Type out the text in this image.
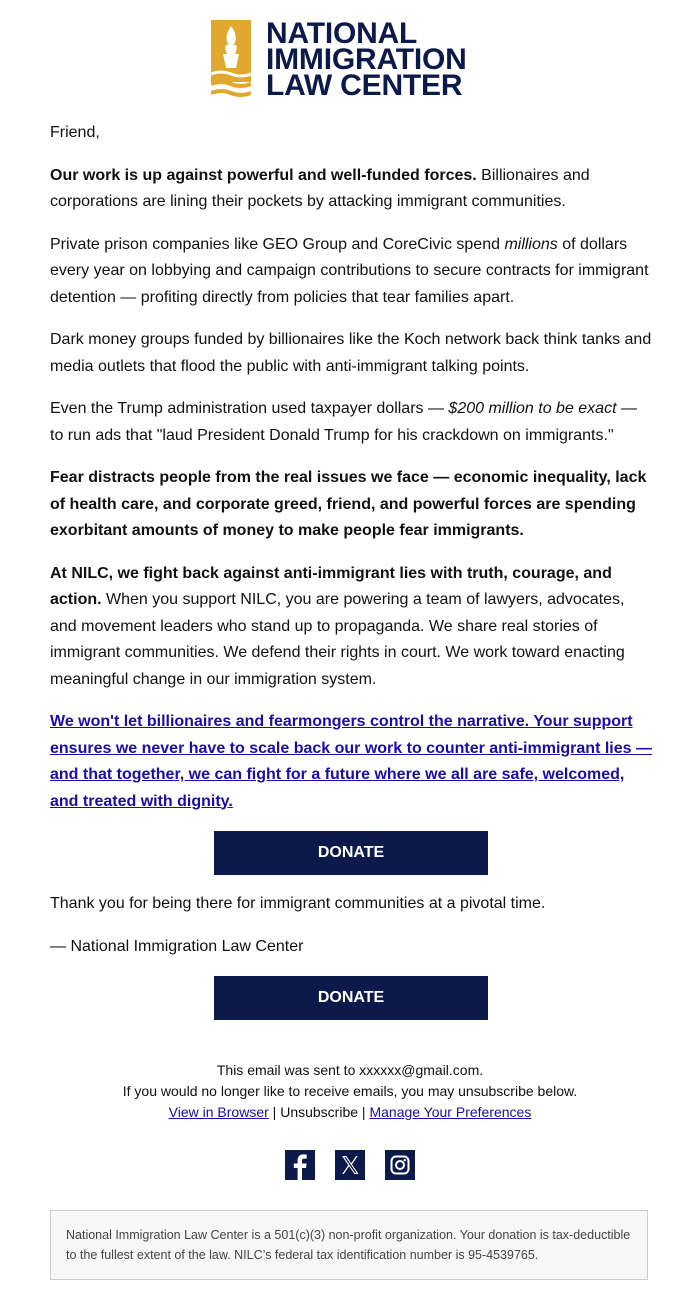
NATIONAL
IMMIGRATION
LAW CENTER

Friend,

Our work is up against powerful and well-funded forces. Billionaires and corporations are lining their pockets by attacking immigrant communities.

Private prison companies like GEO Group and CoreCivic spend millions of dollars every year on lobbying and campaign contributions to secure contracts for immigrant detention — profiting directly from policies that tear families apart.

Dark money groups funded by billionaires like the Koch network back think tanks and media outlets that flood the public with anti-immigrant talking points.

Even the Trump administration used taxpayer dollars — $200 million to be exact — to run ads that "laud President Donald Trump for his crackdown on immigrants."

Fear distracts people from the real issues we face — economic inequality, lack of health care, and corporate greed, friend, and powerful forces are spending exorbitant amounts of money to make people fear immigrants.

At NILC, we fight back against anti-immigrant lies with truth, courage, and action. When you support NILC, you are powering a team of lawyers, advocates, and movement leaders who stand up to propaganda. We share real stories of immigrant communities. We defend their rights in court. We work toward enacting meaningful change in our immigration system.

We won't let billionaires and fearmongers control the narrative. Your support ensures we never have to scale back our work to counter anti-immigrant lies — and that together, we can fight for a future where we all are safe, welcomed, and treated with dignity.

DONATE

Thank you for being there for immigrant communities at a pivotal time.

— National Immigration Law Center

DONATE
This email was sent to xxxxxx@gmail.com.
If you would no longer like to receive emails, you may unsubscribe below.
View in Browser | Unsubscribe | Manage Your Preferences
National Immigration Law Center is a 501(c)(3) non-profit organization. Your donation is tax-deductible to the fullest extent of the law. NILC’s federal tax identification number is 95-4539765.
